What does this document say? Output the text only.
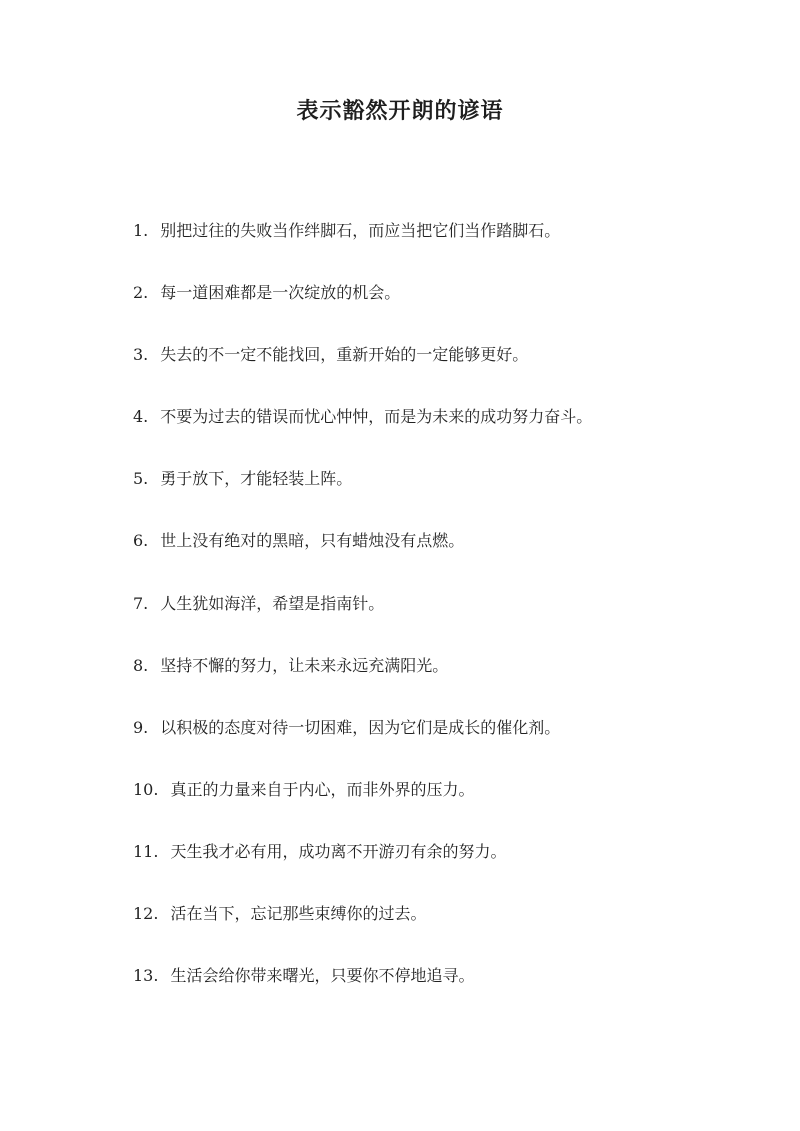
表示豁然开朗的谚语
1. 别把过往的失败当作绊脚石，而应当把它们当作踏脚石。
2. 每一道困难都是一次绽放的机会。
3. 失去的不一定不能找回，重新开始的一定能够更好。
4. 不要为过去的错误而忧心忡忡，而是为未来的成功努力奋斗。
5. 勇于放下，才能轻装上阵。
6. 世上没有绝对的黑暗，只有蜡烛没有点燃。
7. 人生犹如海洋，希望是指南针。
8. 坚持不懈的努力，让未来永远充满阳光。
9. 以积极的态度对待一切困难，因为它们是成长的催化剂。
10. 真正的力量来自于内心，而非外界的压力。
11. 天生我才必有用，成功离不开游刃有余的努力。
12. 活在当下，忘记那些束缚你的过去。
13. 生活会给你带来曙光，只要你不停地追寻。
